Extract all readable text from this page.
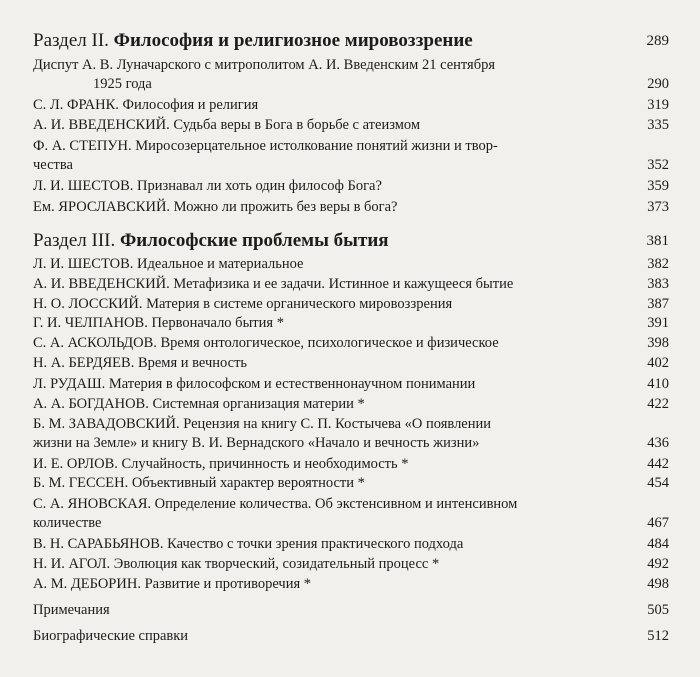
Раздел II. Философия и религиозное мировоззрение	289
Диспут А. В. Луначарского с митрополитом А. И. Введенским 21 сентября
1925 года	290
С. Л. ФРАНК. Философия и религия	319
А. И. ВВЕДЕНСКИЙ. Судьба веры в Бога в борьбе с атеизмом	335
Ф. А. СТЕПУН. Миросозерцательное истолкование понятий жизни и твор-
чества	352
Л. И. ШЕСТОВ. Признавал ли хоть один философ Бога?	359
Ем. ЯРОСЛАВСКИЙ. Можно ли прожить без веры в бога?	373
Раздел III. Философские проблемы бытия	381
Л. И. ШЕСТОВ. Идеальное и материальное	382
А. И. ВВЕДЕНСКИЙ. Метафизика и ее задачи. Истинное и кажущееся бытие	383
Н. О. ЛОССКИЙ. Материя в системе органического мировоззрения	387
Г. И. ЧЕЛПАНОВ. Первоначало бытия *	391
С. А. АСКОЛЬДОВ. Время онтологическое, психологическое и физическое	398
Н. А. БЕРДЯЕВ. Время и вечность	402
Л. РУДАШ. Материя в философском и естественнонаучном понимании	410
А. А. БОГДАНОВ. Системная организация материи *	422
Б. М. ЗАВАДОВСКИЙ. Рецензия на книгу С. П. Костычева «О появлении
жизни на Земле» и книгу В. И. Вернадского «Начало и вечность жизни»	436
И. Е. ОРЛОВ. Случайность, причинность и необходимость *	442
Б. М. ГЕССЕН. Объективный характер вероятности *	454
С. А. ЯНОВСКАЯ. Определение количества. Об экстенсивном и интенсивном
количестве	467
В. Н. САРАБЬЯНОВ. Качество с точки зрения практического подхода	484
Н. И. АГОЛ. Эволюция как творческий, созидательный процесс *	492
А. М. ДЕБОРИН. Развитие и противоречия *	498
Примечания	505
Биографические справки	512
